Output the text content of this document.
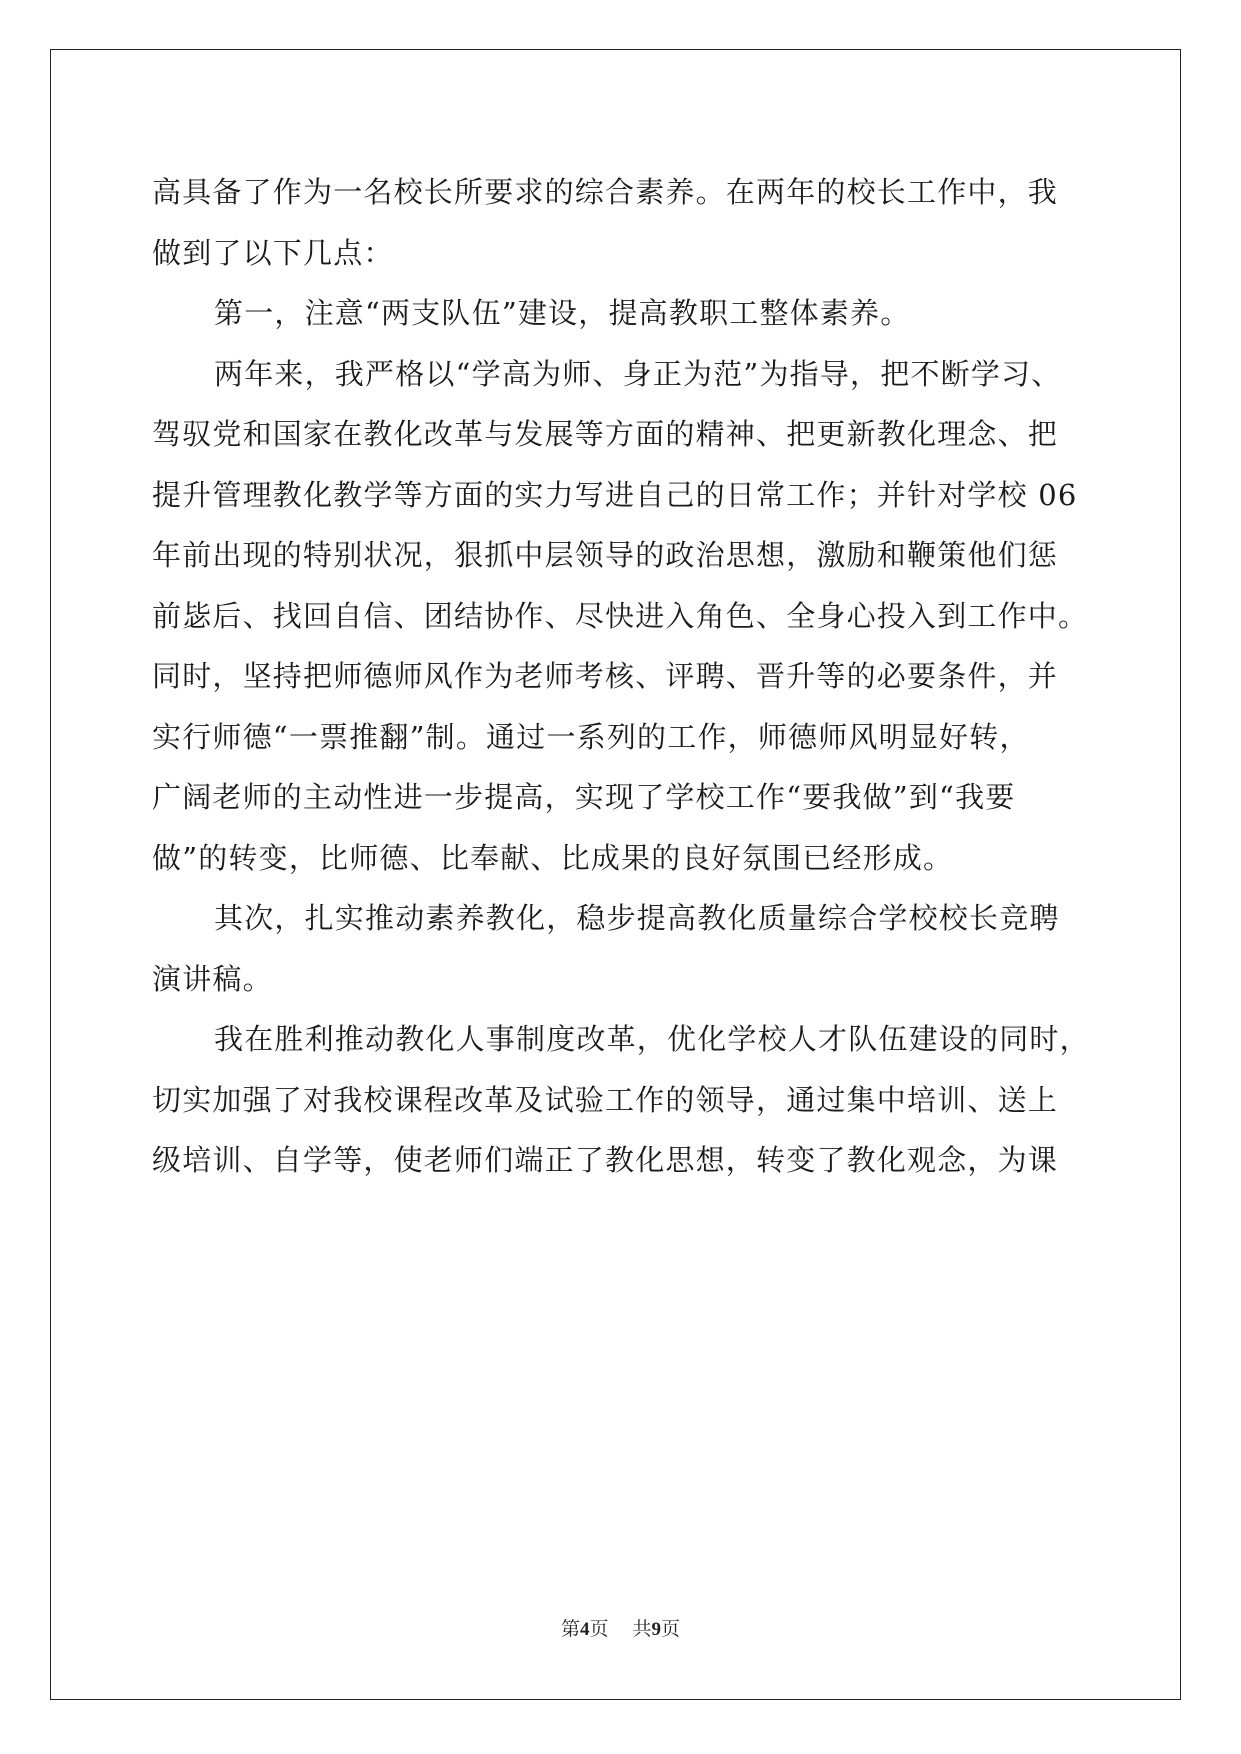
高具备了作为一名校长所要求的综合素养。在两年的校长工作中，我
做到了以下几点：
第一，注意“两支队伍”建设，提高教职工整体素养。
两年来，我严格以“学高为师、身正为范”为指导，把不断学习、
驾驭党和国家在教化改革与发展等方面的精神、把更新教化理念、把
提升管理教化教学等方面的实力写进自己的日常工作；并针对学校 06
年前出现的特别状况，狠抓中层领导的政治思想，激励和鞭策他们惩
前毖后、找回自信、团结协作、尽快进入角色、全身心投入到工作中。
同时，坚持把师德师风作为老师考核、评聘、晋升等的必要条件，并
实行师德“一票推翻”制。通过一系列的工作，师德师风明显好转，
广阔老师的主动性进一步提高，实现了学校工作“要我做”到“我要
做”的转变，比师德、比奉献、比成果的良好氛围已经形成。
其次，扎实推动素养教化，稳步提高教化质量综合学校校长竞聘
演讲稿。
我在胜利推动教化人事制度改革，优化学校人才队伍建设的同时，
切实加强了对我校课程改革及试验工作的领导，通过集中培训、送上
级培训、自学等，使老师们端正了教化思想，转变了教化观念，为课
第4页 共9页
